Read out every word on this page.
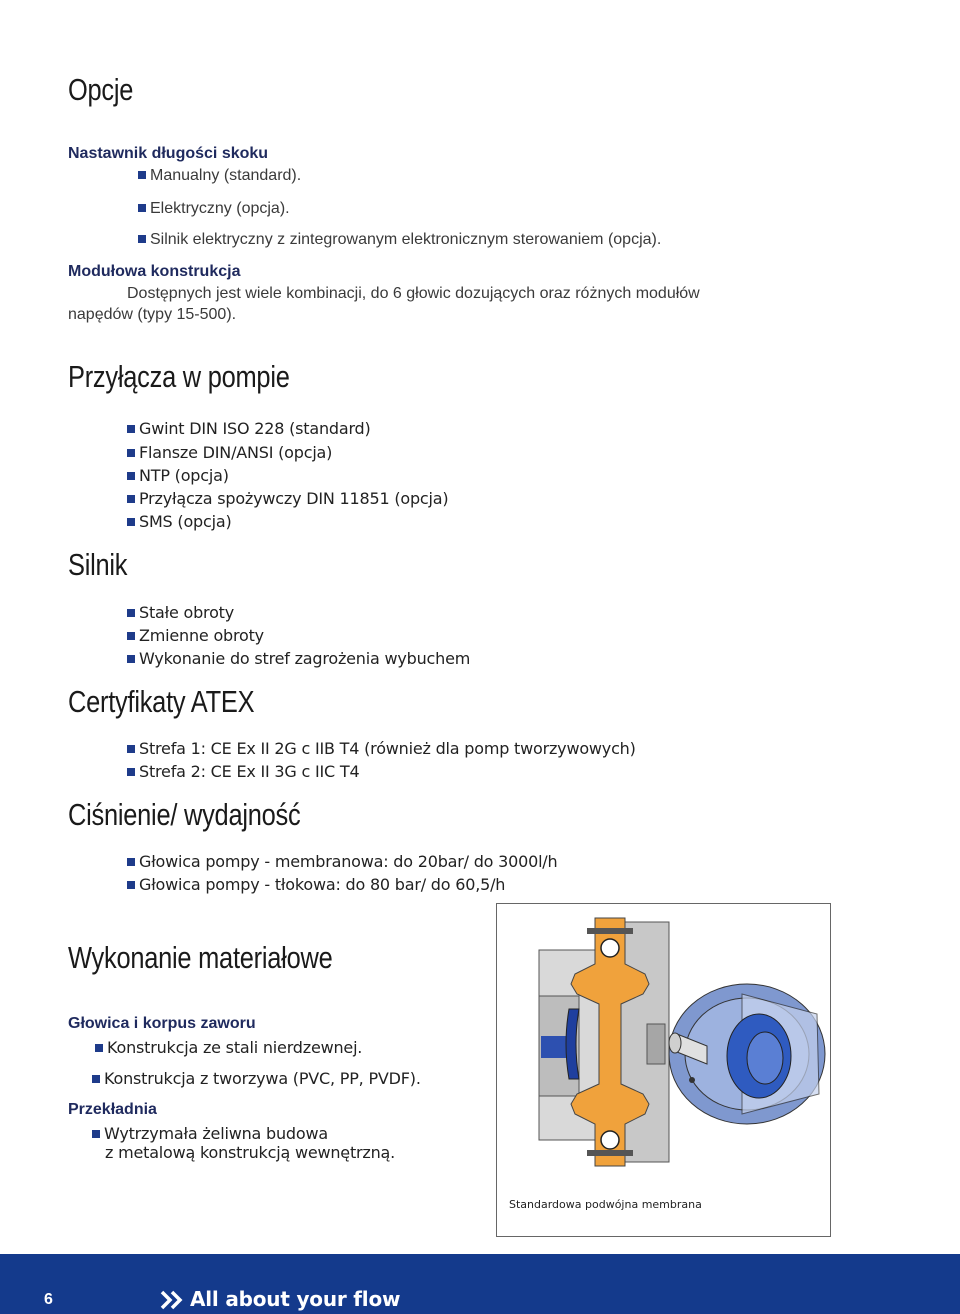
Opcje
Nastawnik długości skoku
Manualny (standard).
Elektryczny (opcja).
Silnik elektryczny z zintegrowanym elektronicznym sterowaniem (opcja).
Modułowa konstrukcja
Dostępnych jest wiele kombinacji, do 6 głowic dozujących oraz różnych modułów
napędów (typy 15-500).
Przyłącza w pompie
Gwint DIN ISO 228 (standard)
Flansze DIN/ANSI (opcja)
NTP (opcja)
Przyłącza spożywczy DIN 11851 (opcja)
SMS (opcja)
Silnik
Stałe obroty
Zmienne obroty
Wykonanie do stref zagrożenia wybuchem
Certyfikaty ATEX
Strefa 1: CE Ex II 2G c IIB T4 (również dla pomp tworzywowych)
Strefa 2: CE Ex II 3G c IIC T4
Ciśnienie/ wydajność
Głowica pompy - membranowa: do 20bar/ do 3000l/h
Głowica pompy - tłokowa: do 80 bar/ do 60,5/h
Wykonanie materiałowe
Głowica i korpus zaworu
Konstrukcja ze stali nierdzewnej.
Konstrukcja z tworzywa (PVC, PP, PVDF).
Przekładnia
Wytrzymała żeliwna budowa
z metalową konstrukcją wewnętrzną.
Standardowa podwójna membrana
6	All about your flow
